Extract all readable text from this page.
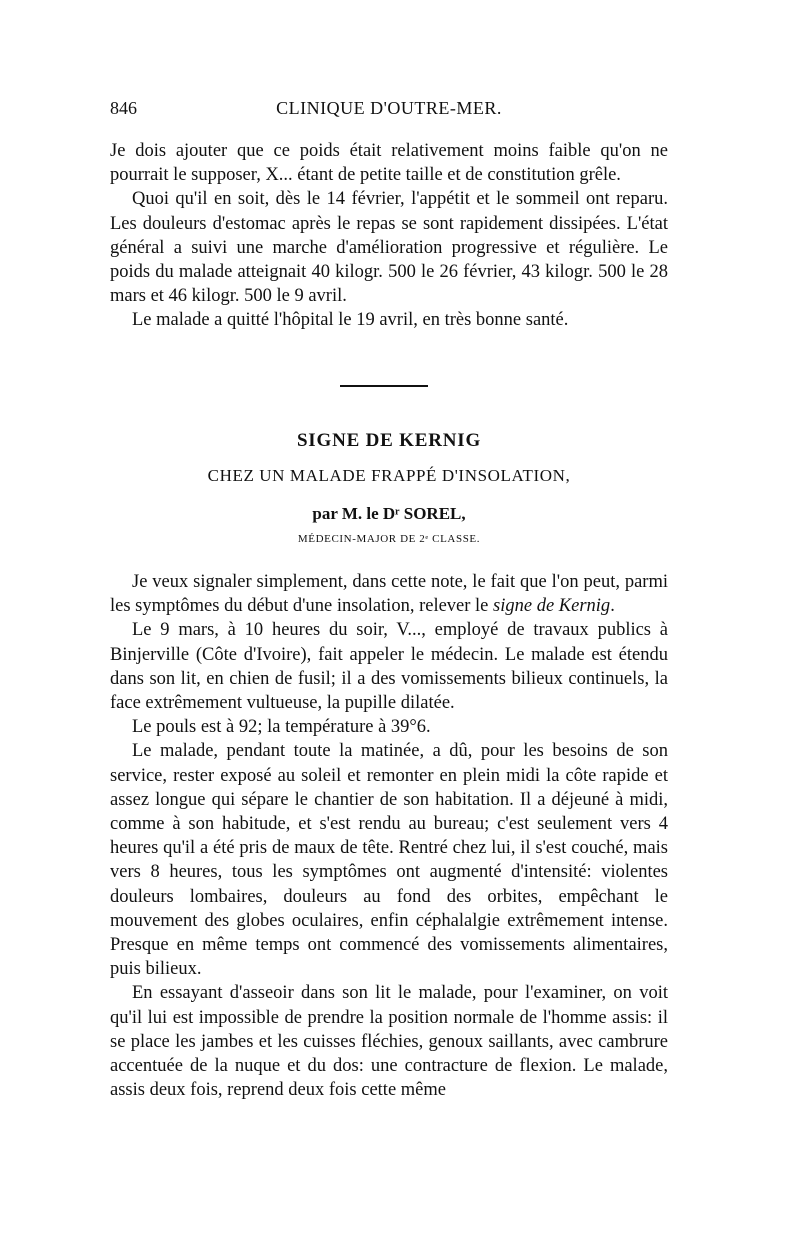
846	CLINIQUE D'OUTRE-MER.

Je dois ajouter que ce poids était relativement moins faible qu'on ne pourrait le supposer, X... étant de petite taille et de constitution grêle.

Quoi qu'il en soit, dès le 14 février, l'appétit et le sommeil ont reparu. Les douleurs d'estomac après le repas se sont rapidement dissipées. L'état général a suivi une marche d'amélioration progressive et régulière. Le poids du malade atteignait 40 kilogr. 500 le 26 février, 43 kilogr. 500 le 28 mars et 46 kilogr. 500 le 9 avril.

Le malade a quitté l'hôpital le 19 avril, en très bonne santé.

SIGNE DE KERNIG
CHEZ UN MALADE FRAPPÉ D'INSOLATION,
par M. le Dʳ SOREL,
MÉDECIN-MAJOR DE 2ᵉ CLASSE.

Je veux signaler simplement, dans cette note, le fait que l'on peut, parmi les symptômes du début d'une insolation, relever le signe de Kernig.

Le 9 mars, à 10 heures du soir, V..., employé de travaux publics à Binjerville (Côte d'Ivoire), fait appeler le médecin. Le malade est étendu dans son lit, en chien de fusil; il a des vomissements bilieux continuels, la face extrêmement vultueuse, la pupille dilatée.

Le pouls est à 92; la température à 39°6.

Le malade, pendant toute la matinée, a dû, pour les besoins de son service, rester exposé au soleil et remonter en plein midi la côte rapide et assez longue qui sépare le chantier de son habitation. Il a déjeuné à midi, comme à son habitude, et s'est rendu au bureau; c'est seulement vers 4 heures qu'il a été pris de maux de tête. Rentré chez lui, il s'est couché, mais vers 8 heures, tous les symptômes ont augmenté d'intensité: violentes douleurs lombaires, douleurs au fond des orbites, empêchant le mouvement des globes oculaires, enfin céphalalgie extrêmement intense. Presque en même temps ont commencé des vomissements alimentaires, puis bilieux.

En essayant d'asseoir dans son lit le malade, pour l'examiner, on voit qu'il lui est impossible de prendre la position normale de l'homme assis: il se place les jambes et les cuisses fléchies, genoux saillants, avec cambrure accentuée de la nuque et du dos: une contracture de flexion. Le malade, assis deux fois, reprend deux fois cette même
